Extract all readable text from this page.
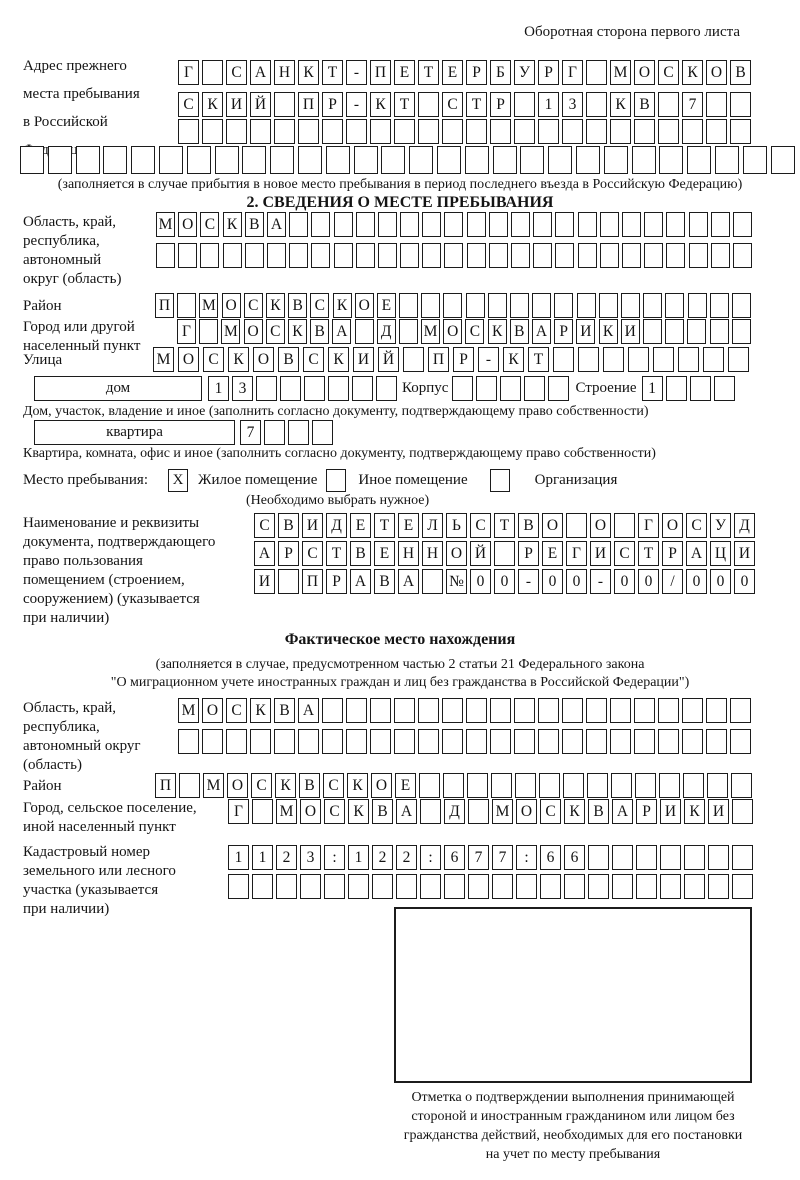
Оборотная сторона первого листа
Адрес прежнего
места пребывания
в Российской
Г	С А Н К Т	-	П Е Т Е Р Б У Р Г	М О С К О В
С К И Й	П Р	-	К Т	С Т Р	1	3	К В	7
(заполняется в случае прибытия в новое место пребывания в период последнего въезда в Российскую Федерацию)
2. СВЕДЕНИЯ О МЕСТЕ ПРЕБЫВАНИЯ
Область, край,
республика,
автономный
округ (область)
М О С К В А
Район	П М О С К В С К О Е
Город или другой
населенный пункт
Г	М О С К В А Д М О С К В А Р И К И
Улица	М О С К О В С К И Й	П Р	-	К Т
дом	1	3	Корпус	Строение 1
Дом, участок, владение и иное (заполнить согласно документу, подтверждающему право собственности)
квартира	7
Квартира, комната, офис и иное (заполнить согласно документу, подтверждающему право собственности)
Место пребывания:	X Жилое помещение	Иное помещение	Организация
(Необходимо выбрать нужное)
Наименование и реквизиты
документа, подтверждающего
право пользования
помещением (строением,
сооружением) (указывается
при наличии)
С В И Д Е Т Е Л Ь С Т В О	О	Г О С У Д
А Р С Т В Е Н Н О Й	Р Е Г И С Т Р А Ц И
И	П Р А В А	№ 0	0	-	0	0	-	0	0	/	0	0	0
Фактическое место нахождения
(заполняется в случае, предусмотренном частью 2 статьи 21 Федерального закона
"О миграционном учете иностранных граждан и лиц без гражданства в Российской Федерации")
Область, край,
республика,
автономный округ
(область)
М О С К В А
Район	П	М О С К В С К О Е
Город, сельское поселение,
иной населенный пункт
Г	М О С К В А	Д	М О С К В А Р И К И
Кадастровый номер
земельного или лесного
участка (указывается
при наличии)
1	1	2	3	:	1	2	2	:	6	7	7	:	6	6
Отметка о подтверждении выполнения принимающей
стороной и иностранным гражданином или лицом без
гражданства действий, необходимых для его постановки
на учет по месту пребывания
